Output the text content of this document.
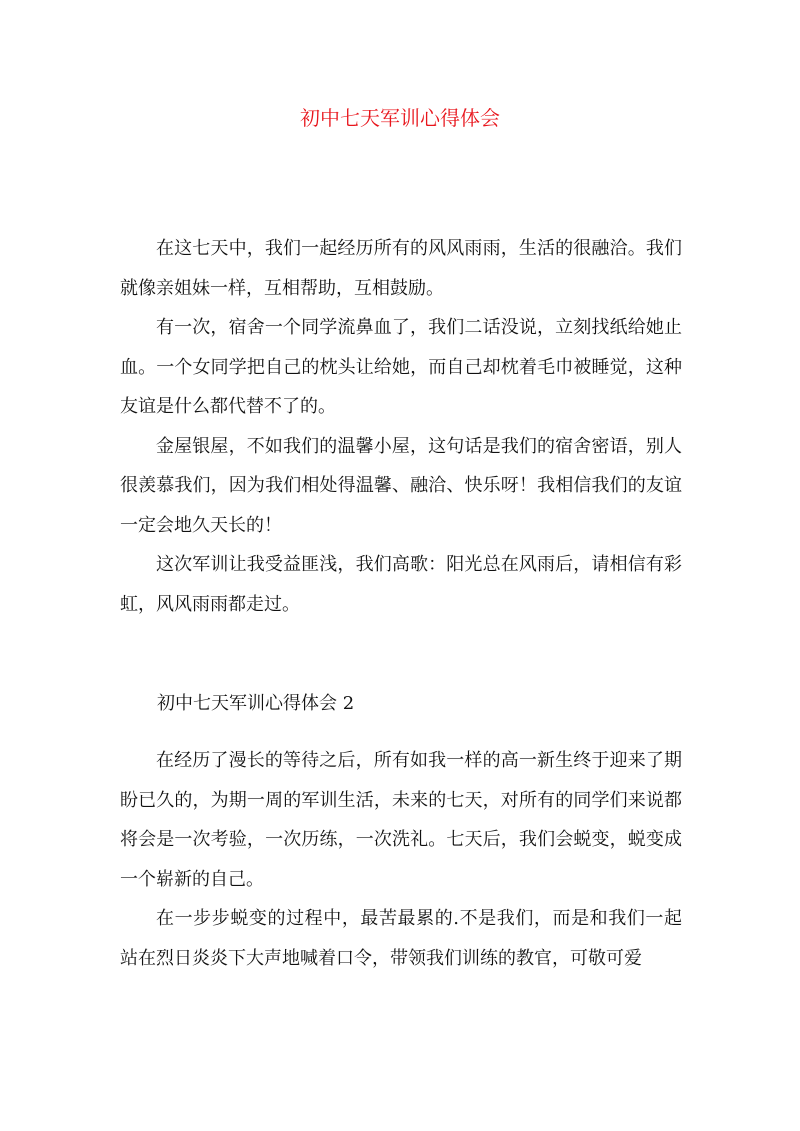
初中七天军训心得体会

在这七天中，我们一起经历所有的风风雨雨，生活的很融洽。我们就像亲姐妹一样，互相帮助，互相鼓励。

有一次，宿舍一个同学流鼻血了，我们二话没说，立刻找纸给她止血。一个女同学把自己的枕头让给她，而自己却枕着毛巾被睡觉，这种友谊是什么都代替不了的。

金屋银屋，不如我们的温馨小屋，这句话是我们的宿舍密语，别人很羡慕我们，因为我们相处得温馨、融洽、快乐呀！我相信我们的友谊一定会地久天长的！

这次军训让我受益匪浅，我们高歌：阳光总在风雨后，请相信有彩虹，风风雨雨都走过。

初中七天军训心得体会 2

在经历了漫长的等待之后，所有如我一样的高一新生终于迎来了期盼已久的，为期一周的军训生活，未来的七天，对所有的同学们来说都将会是一次考验，一次历练，一次洗礼。七天后，我们会蜕变，蜕变成一个崭新的自己。

在一步步蜕变的过程中，最苦最累的.不是我们，而是和我们一起站在烈日炎炎下大声地喊着口令，带领我们训练的教官，可敬可爱
